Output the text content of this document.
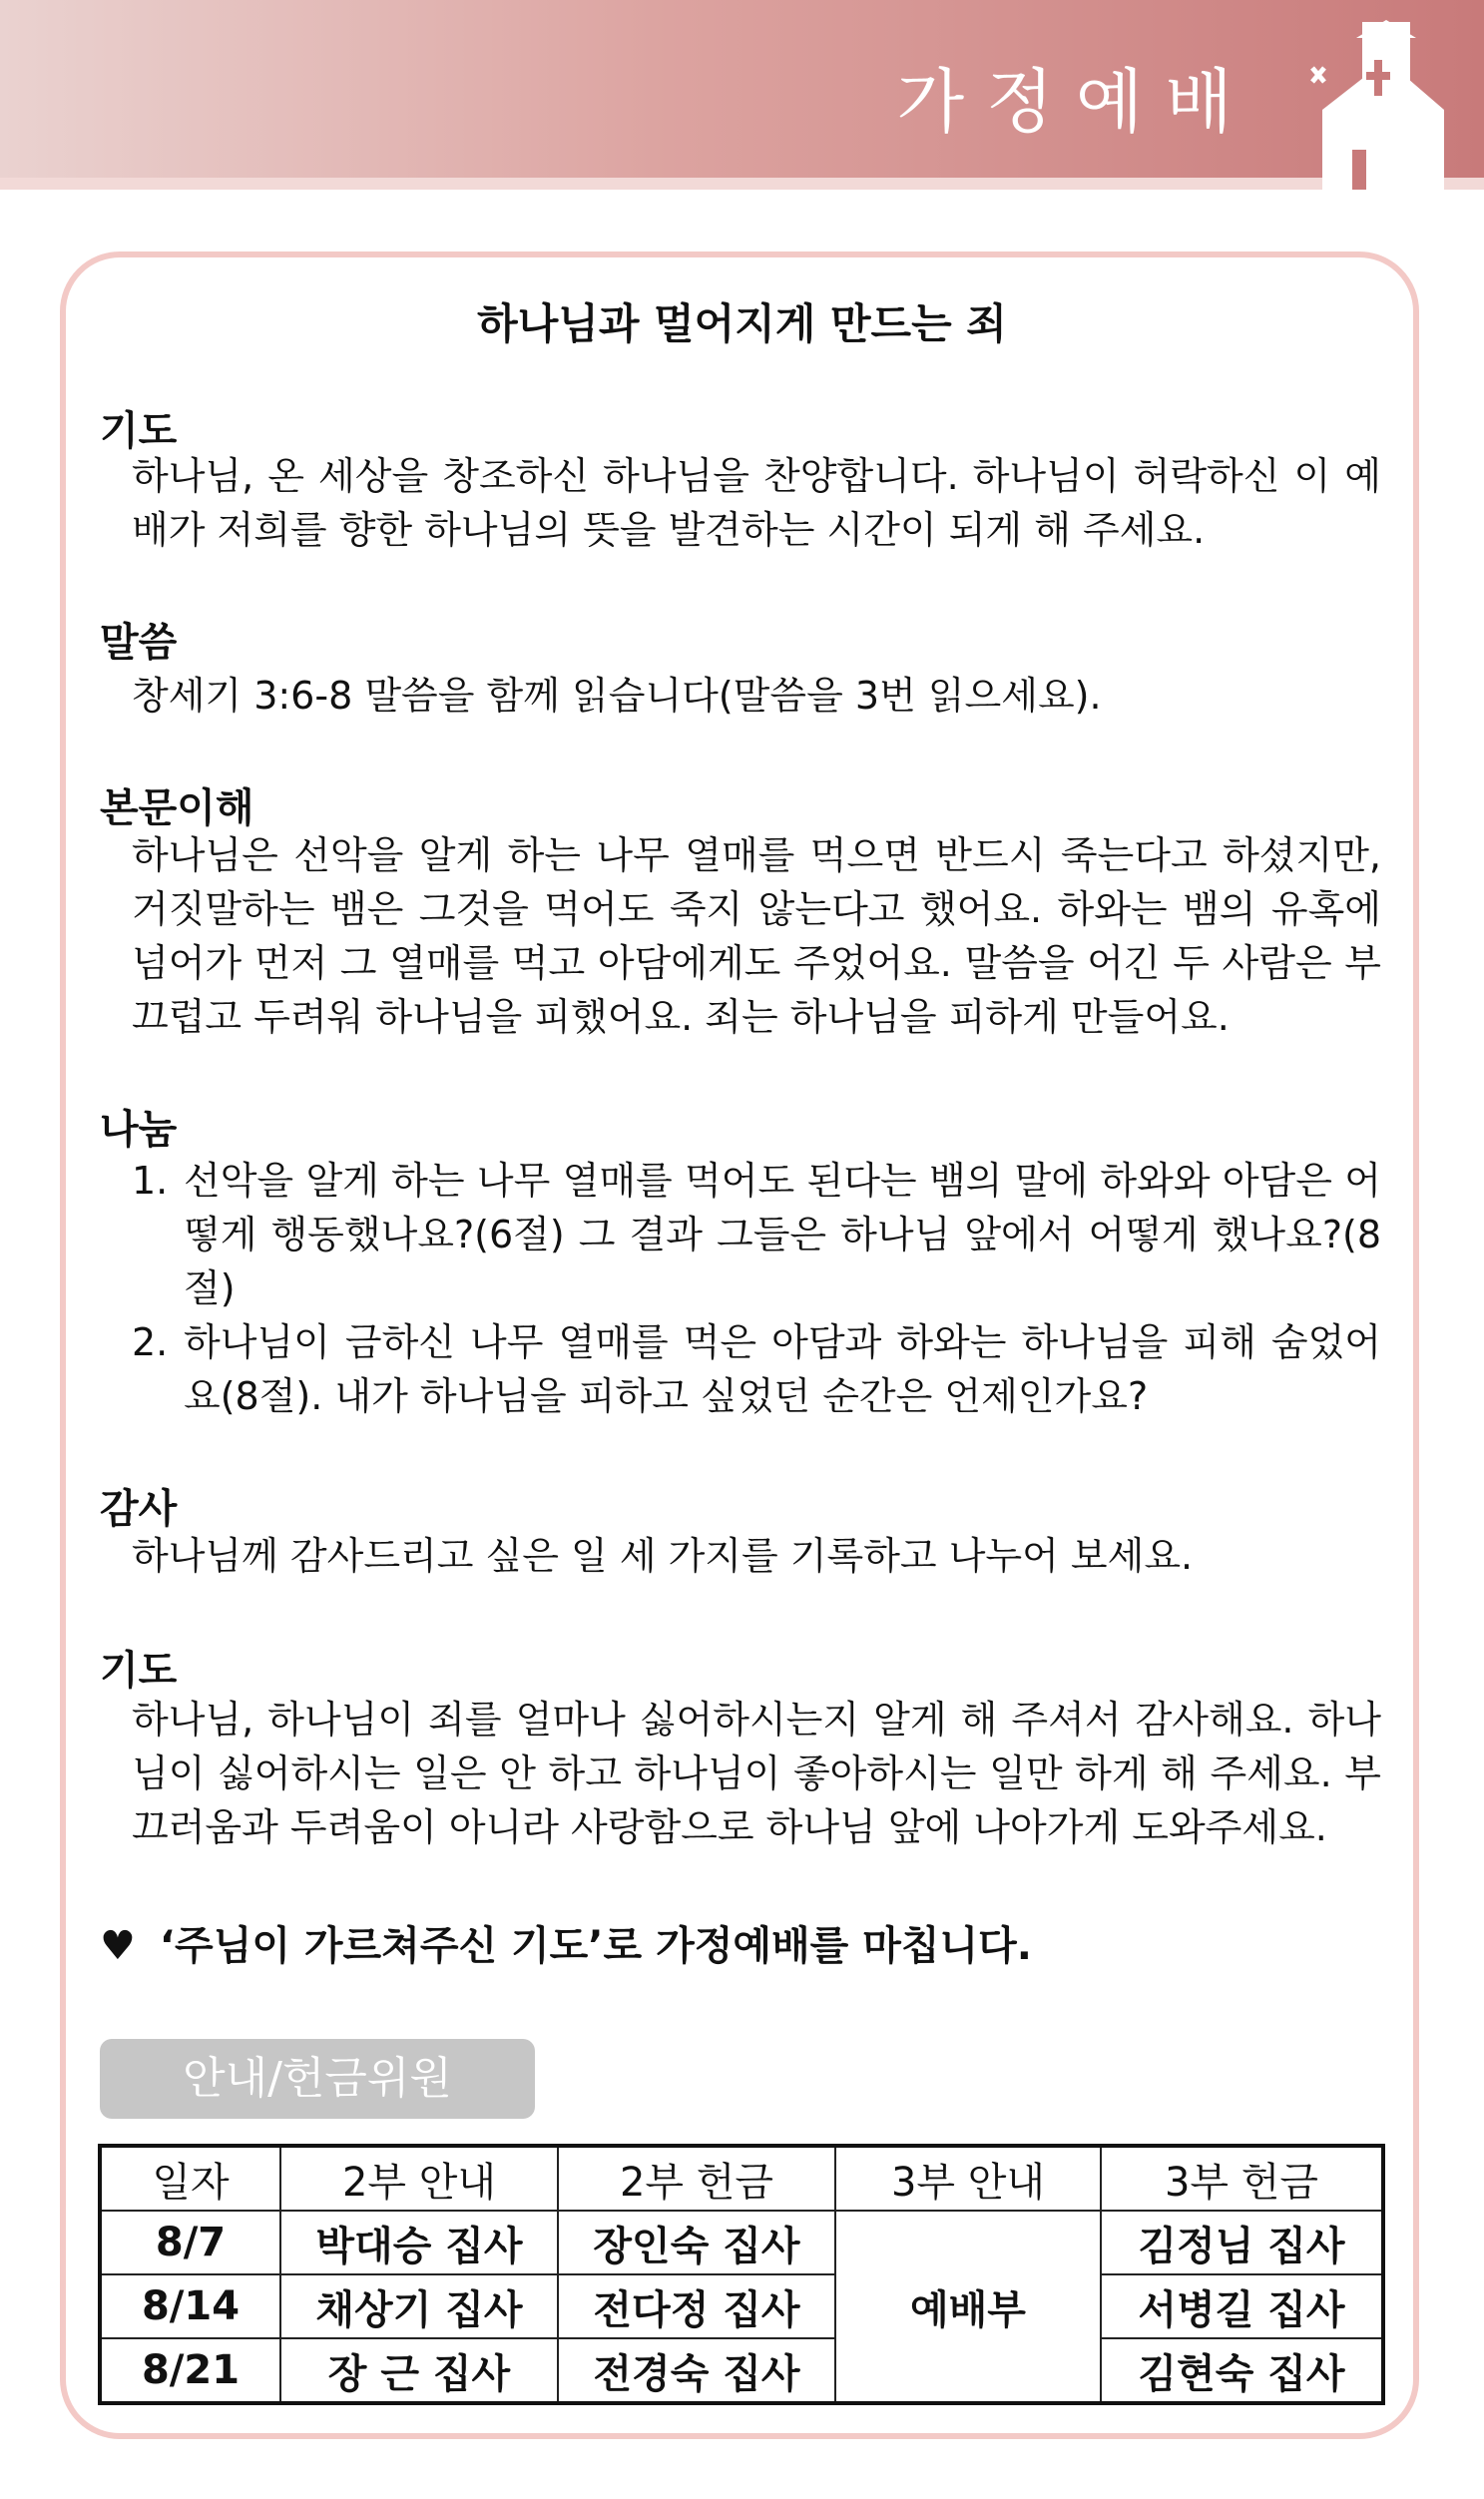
가정예배
하나님과 멀어지게 만드는 죄
기도
하나님, 온 세상을 창조하신 하나님을 찬양합니다. 하나님이 허락하신 이 예배가 저희를 향한 하나님의 뜻을 발견하는 시간이 되게 해 주세요.
말씀
창세기 3:6-8 말씀을 함께 읽습니다(말씀을 3번 읽으세요).
본문이해
하나님은 선악을 알게 하는 나무 열매를 먹으면 반드시 죽는다고 하셨지만, 거짓말하는 뱀은 그것을 먹어도 죽지 않는다고 했어요. 하와는 뱀의 유혹에 넘어가 먼저 그 열매를 먹고 아담에게도 주었어요. 말씀을 어긴 두 사람은 부끄럽고 두려워 하나님을 피했어요. 죄는 하나님을 피하게 만들어요.
나눔
1. 선악을 알게 하는 나무 열매를 먹어도 된다는 뱀의 말에 하와와 아담은 어떻게 행동했나요?(6절) 그 결과 그들은 하나님 앞에서 어떻게 했나요?(8절)
2. 하나님이 금하신 나무 열매를 먹은 아담과 하와는 하나님을 피해 숨었어요(8절). 내가 하나님을 피하고 싶었던 순간은 언제인가요?
감사
하나님께 감사드리고 싶은 일 세 가지를 기록하고 나누어 보세요.
기도
하나님, 하나님이 죄를 얼마나 싫어하시는지 알게 해 주셔서 감사해요. 하나님이 싫어하시는 일은 안 하고 하나님이 좋아하시는 일만 하게 해 주세요. 부끄러움과 두려움이 아니라 사랑함으로 하나님 앞에 나아가게 도와주세요.
♥ ‘주님이 가르쳐주신 기도’로 가정예배를 마칩니다.
안내/헌금위원
일자	2부 안내	2부 헌금	3부 안내	3부 헌금
8/7	박대승 집사	장인숙 집사	예배부	김정님 집사
8/14	채상기 집사	전다정 집사		서병길 집사
8/21	장 근 집사	전경숙 집사		김현숙 집사
